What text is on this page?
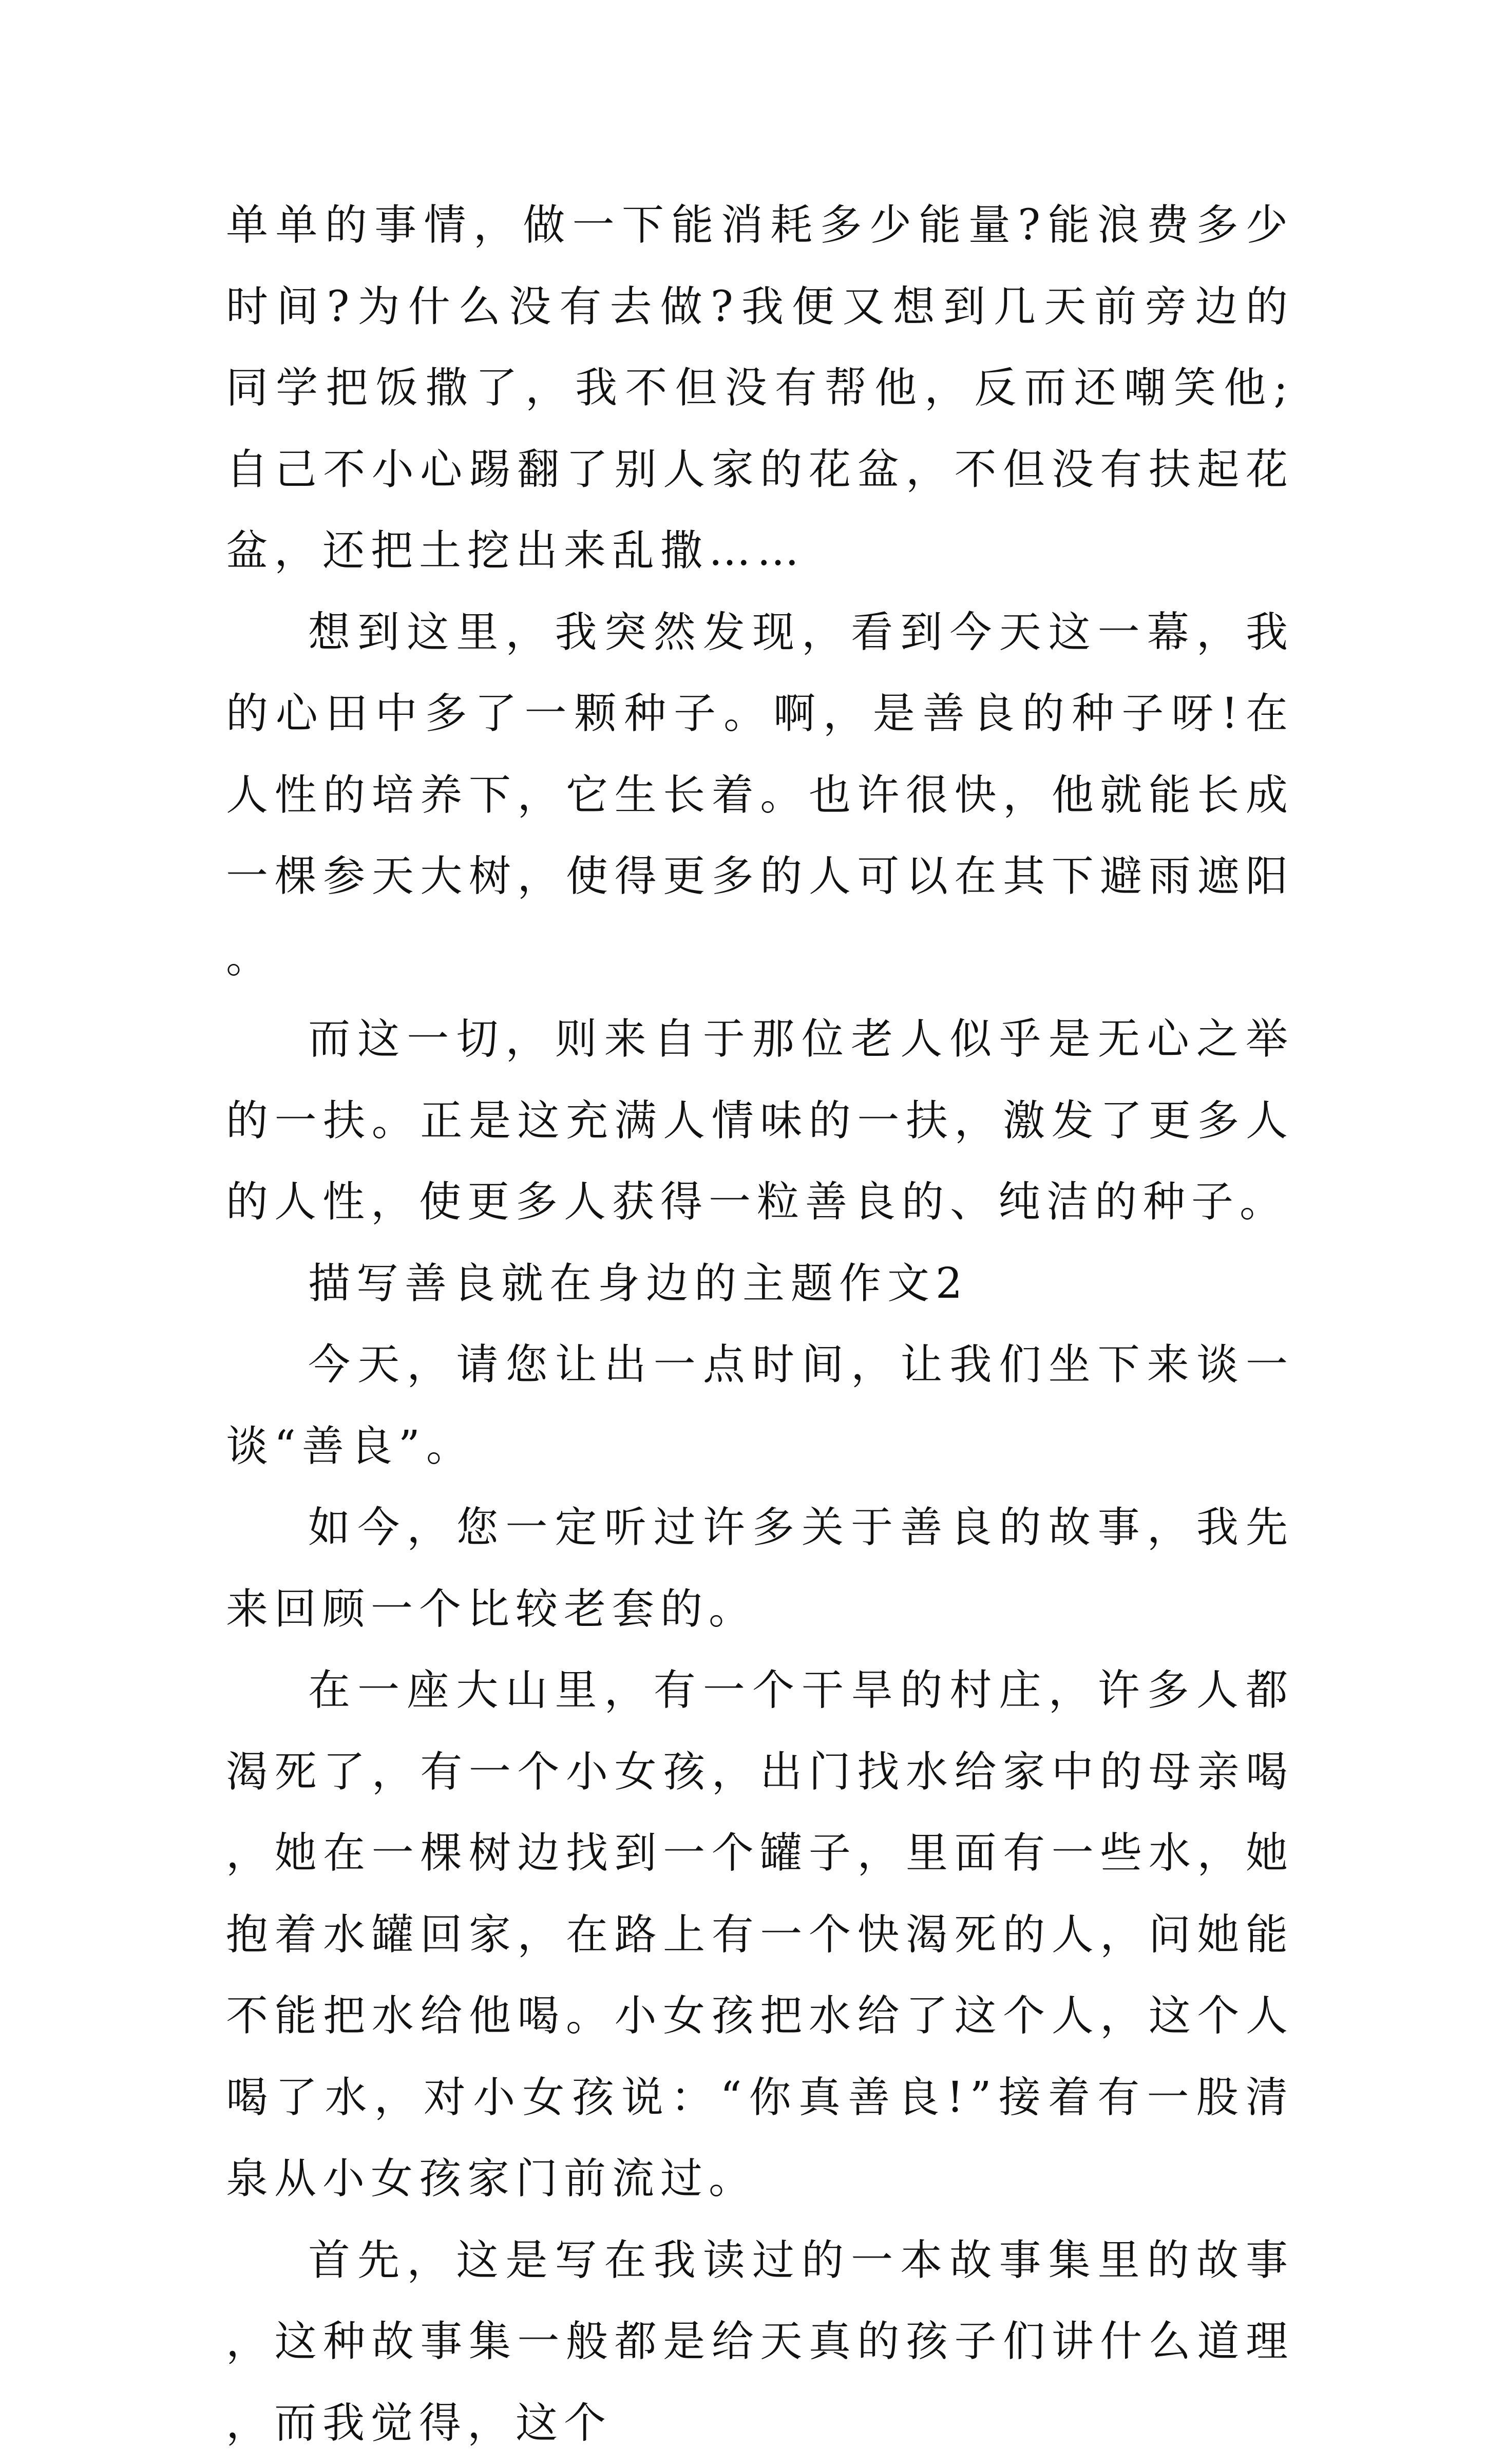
单单的事情，做一下能消耗多少能量?能浪费多少时间?为什么没有去做?我便又想到几天前旁边的同学把饭撒了，我不但没有帮他，反而还嘲笑他;自己不小心踢翻了别人家的花盆，不但没有扶起花盆，还把土挖出来乱撒……

想到这里，我突然发现，看到今天这一幕，我的心田中多了一颗种子。啊，是善良的种子呀!在人性的培养下，它生长着。也许很快，他就能长成一棵参天大树，使得更多的人可以在其下避雨遮阳。

而这一切，则来自于那位老人似乎是无心之举的一扶。正是这充满人情味的一扶，激发了更多人的人性，使更多人获得一粒善良的、纯洁的种子。

描写善良就在身边的主题作文2

今天，请您让出一点时间，让我们坐下来谈一谈“善良”。

如今，您一定听过许多关于善良的故事，我先来回顾一个比较老套的。

在一座大山里，有一个干旱的村庄，许多人都渴死了，有一个小女孩，出门找水给家中的母亲喝，她在一棵树边找到一个罐子，里面有一些水，她抱着水罐回家，在路上有一个快渴死的人，问她能不能把水给他喝。小女孩把水给了这个人，这个人喝了水，对小女孩说：“你真善良!”接着有一股清泉从小女孩家门前流过。

首先，这是写在我读过的一本故事集里的故事，这种故事集一般都是给天真的孩子们讲什么道理，而我觉得，这个
